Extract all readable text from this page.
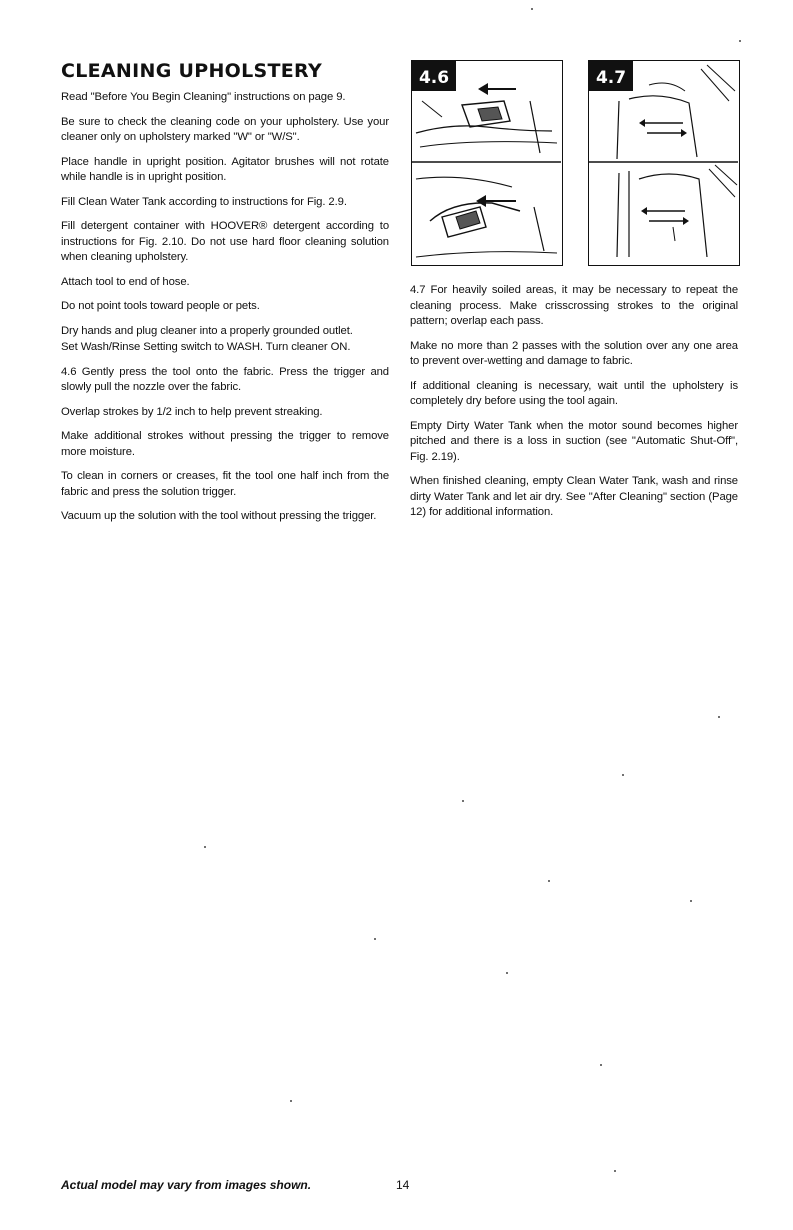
CLEANING UPHOLSTERY

Read "Before You Begin Cleaning" instructions on page 9.

Be sure to check the cleaning code on your upholstery. Use your cleaner only on upholstery marked "W" or "W/S".

Place handle in upright position. Agitator brushes will not rotate while handle is in upright position.

Fill Clean Water Tank according to instructions for Fig. 2.9.

Fill detergent container with HOOVER® detergent according to instructions for Fig. 2.10. Do not use hard floor cleaning solution when cleaning upholstery.

Attach tool to end of hose.

Do not point tools toward people or pets.

Dry hands and plug cleaner into a properly grounded outlet.

Set Wash/Rinse Setting switch to WASH. Turn cleaner ON.

4.6 Gently press the tool onto the fabric. Press the trigger and slowly pull the nozzle over the fabric.

Overlap strokes by 1/2 inch to help prevent streaking.

Make additional strokes without pressing the trigger to remove more moisture.

To clean in corners or creases, fit the tool one half inch from the fabric and press the solution trigger.

Vacuum up the solution with the tool without pressing the trigger.

4.6	4.7

4.7 For heavily soiled areas, it may be necessary to repeat the cleaning process. Make crisscrossing strokes to the original pattern; overlap each pass.

Make no more than 2 passes with the solution over any one area to prevent over-wetting and damage to fabric.

If additional cleaning is necessary, wait until the upholstery is completely dry before using the tool again.

Empty Dirty Water Tank when the motor sound becomes higher pitched and there is a loss in suction (see "Automatic Shut-Off", Fig. 2.19).

When finished cleaning, empty Clean Water Tank, wash and rinse dirty Water Tank and let air dry. See "After Cleaning" section (Page 12) for additional information.

Actual model may vary from images shown.	14
